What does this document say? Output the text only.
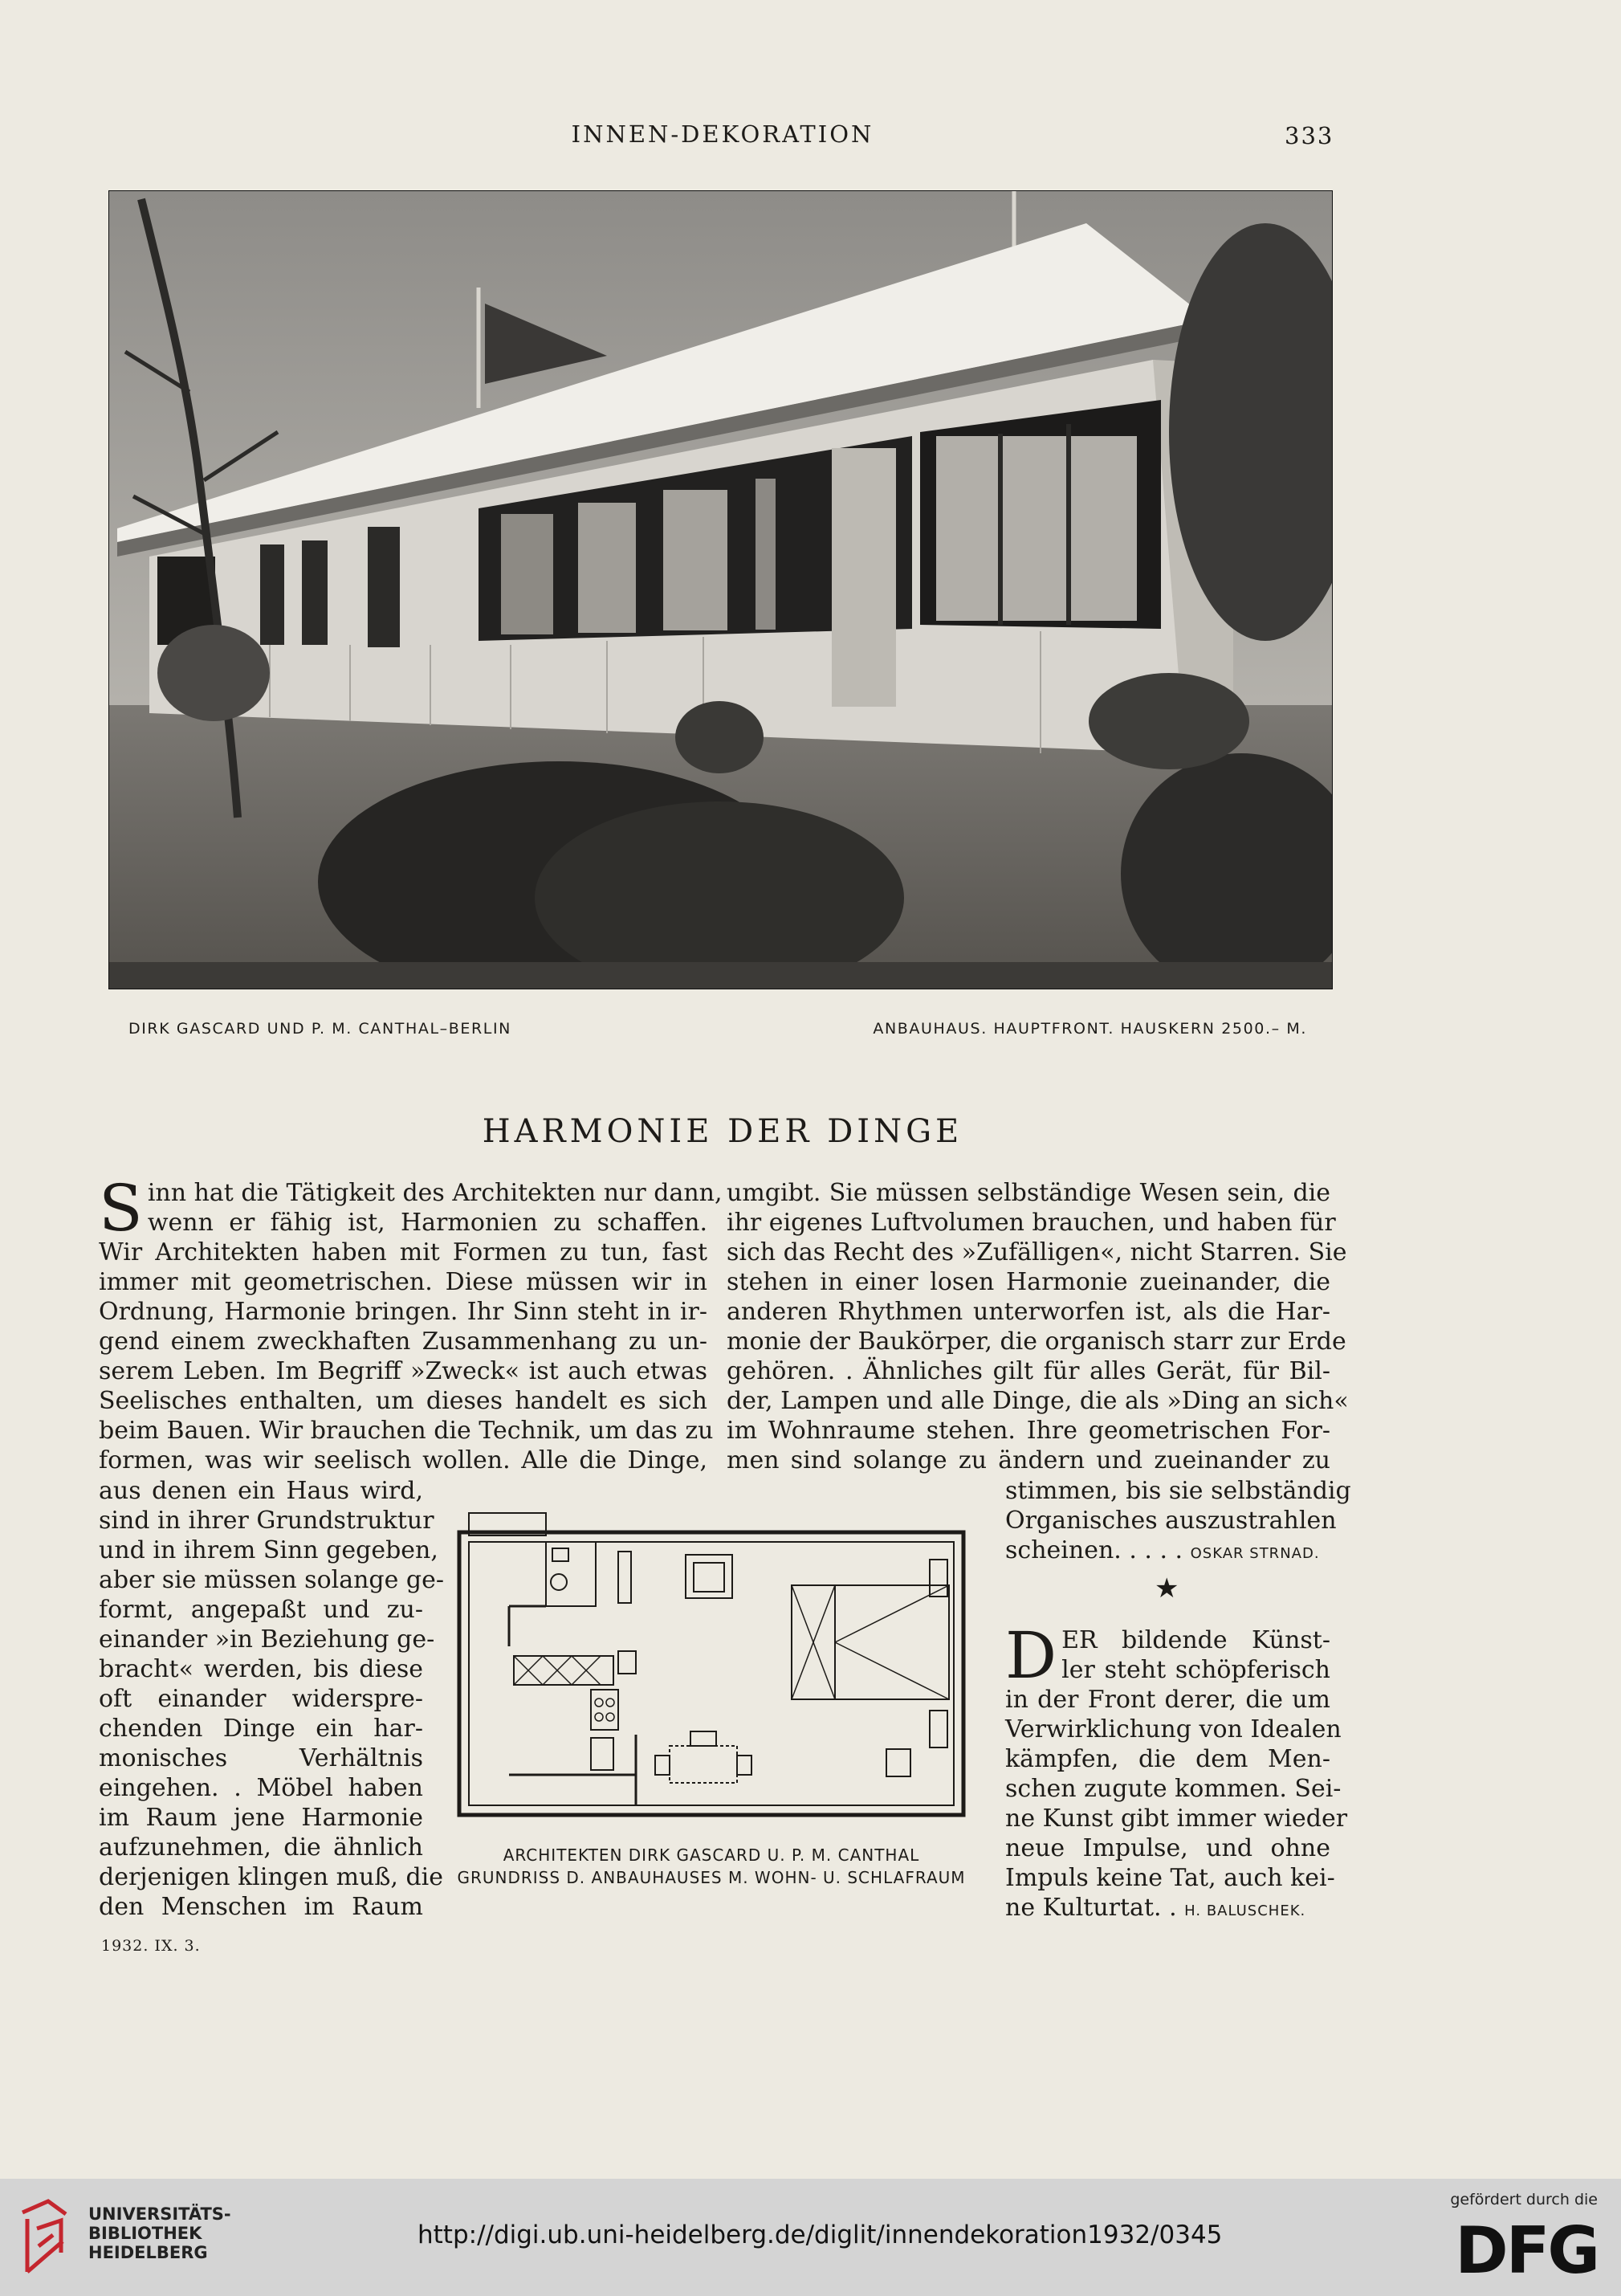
INNEN-DEKORATION	333
DIRK GASCARD UND P. M. CANTHAL–BERLIN	ANBAUHAUS. HAUPTFRONT. HAUSKERN 2500.– M.
HARMONIE DER DINGE
S inn hat die Tätigkeit des Architekten nur dann,
wenn er fähig ist, Harmonien zu schaffen.
Wir Architekten haben mit Formen zu tun, fast
immer mit geometrischen. Diese müssen wir in
Ordnung, Harmonie bringen. Ihr Sinn steht in ir-
gend einem zweckhaften Zusammenhang zu un-
serem Leben. Im Begriff »Zweck« ist auch etwas
Seelisches enthalten, um dieses handelt es sich
beim Bauen. Wir brauchen die Technik, um das zu
formen, was wir seelisch wollen. Alle die Dinge,
aus denen ein Haus wird,
sind in ihrer Grundstruktur
und in ihrem Sinn gegeben,
aber sie müssen solange ge-
formt, angepaßt und zu-
einander »in Beziehung ge-
bracht« werden, bis diese
oft einander widerspre-
chenden Dinge ein har-
monisches Verhältnis
eingehen. . Möbel haben
im Raum jene Harmonie
aufzunehmen, die ähnlich
derjenigen klingen muß, die
den Menschen im Raum
umgibt. Sie müssen selbständige Wesen sein, die
ihr eigenes Luftvolumen brauchen, und haben für
sich das Recht des »Zufälligen«, nicht Starren. Sie
stehen in einer losen Harmonie zueinander, die
anderen Rhythmen unterworfen ist, als die Har-
monie der Baukörper, die organisch starr zur Erde
gehören. . Ähnliches gilt für alles Gerät, für Bil-
der, Lampen und alle Dinge, die als »Ding an sich«
im Wohnraume stehen. Ihre geometrischen For-
men sind solange zu ändern und zueinander zu
stimmen, bis sie selbständig
Organisches auszustrahlen
scheinen. . . . . OSKAR STRNAD.
★
D ER bildende Künst-
ler steht schöpferisch
in der Front derer, die um
Verwirklichung von Idealen
kämpfen, die dem Men-
schen zugute kommen. Sei-
ne Kunst gibt immer wieder
neue Impulse, und ohne
Impuls keine Tat, auch kei-
ne Kulturtat. . H. BALUSCHEK.
ARCHITEKTEN DIRK GASCARD U. P. M. CANTHAL
GRUNDRISS D. ANBAUHAUSES M. WOHN- U. SCHLAFRAUM
1932. IX. 3.
UNIVERSITÄTS-
BIBLIOTHEK
HEIDELBERG
http://digi.ub.uni-heidelberg.de/diglit/innendekoration1932/0345
gefördert durch die
DFG
